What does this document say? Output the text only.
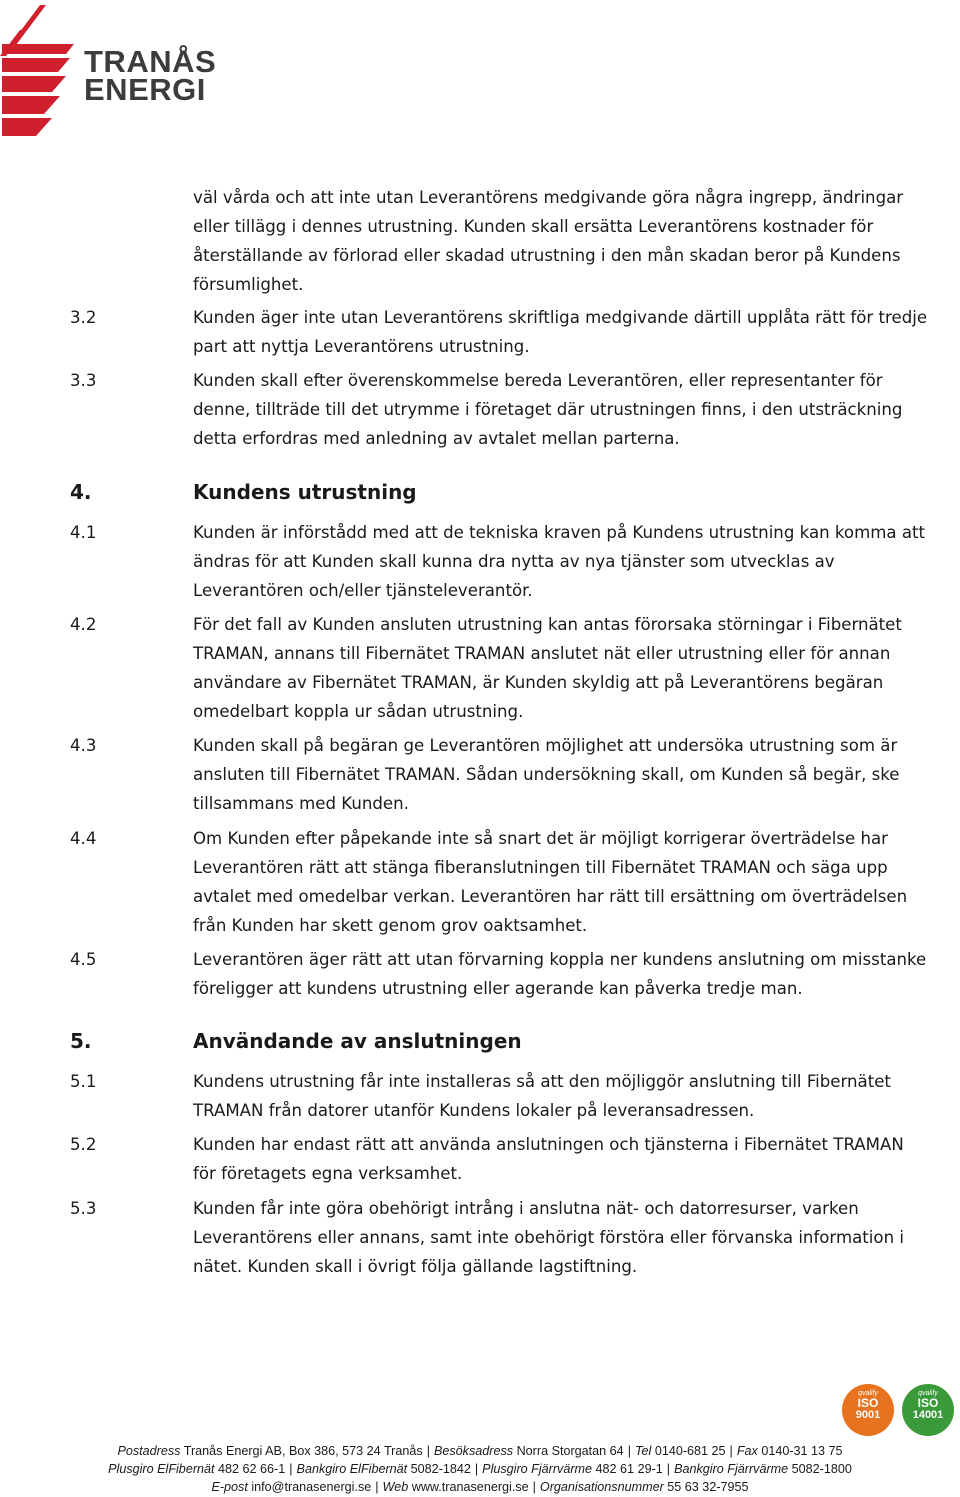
TRANÅS
ENERGI
väl vårda och att inte utan Leverantörens medgivande göra några ingrepp, ändringar eller tillägg i dennes utrustning. Kunden skall ersätta Leverantörens kostnader för återställande av förlorad eller skadad utrustning i den mån skadan beror på Kundens försumlighet.
3.2	Kunden äger inte utan Leverantörens skriftliga medgivande därtill upplåta rätt för tredje part att nyttja Leverantörens utrustning.
3.3	Kunden skall efter överenskommelse bereda Leverantören, eller representanter för denne, tillträde till det utrymme i företaget där utrustningen finns, i den utsträckning detta erfordras med anledning av avtalet mellan parterna.
4.	Kundens utrustning
4.1	Kunden är införstådd med att de tekniska kraven på Kundens utrustning kan komma att ändras för att Kunden skall kunna dra nytta av nya tjänster som utvecklas av Leverantören och/eller tjänsteleverantör.
4.2	För det fall av Kunden ansluten utrustning kan antas förorsaka störningar i Fibernätet TRAMAN, annans till Fibernätet TRAMAN anslutet nät eller utrustning eller för annan användare av Fibernätet TRAMAN, är Kunden skyldig att på Leverantörens begäran omedelbart koppla ur sådan utrustning.
4.3	Kunden skall på begäran ge Leverantören möjlighet att undersöka utrustning som är ansluten till Fibernätet TRAMAN. Sådan undersökning skall, om Kunden så begär, ske tillsammans med Kunden.
4.4	Om Kunden efter påpekande inte så snart det är möjligt korrigerar överträdelse har Leverantören rätt att stänga fiberanslutningen till Fibernätet TRAMAN och säga upp avtalet med omedelbar verkan. Leverantören har rätt till ersättning om överträdelsen från Kunden har skett genom grov oaktsamhet.
4.5	Leverantören äger rätt att utan förvarning koppla ner kundens anslutning om misstanke föreligger att kundens utrustning eller agerande kan påverka tredje man.
5.	Användande av anslutningen
5.1	Kundens utrustning får inte installeras så att den möjliggör anslutning till Fibernätet TRAMAN från datorer utanför Kundens lokaler på leveransadressen.
5.2	Kunden har endast rätt att använda anslutningen och tjänsterna i Fibernätet TRAMAN för företagets egna verksamhet.
5.3	Kunden får inte göra obehörigt intrång i anslutna nät- och datorresurser, varken Leverantörens eller annans, samt inte obehörigt förstöra eller förvanska information i nätet. Kunden skall i övrigt följa gällande lagstiftning.
qvalify
ISO
9001
qvalify
ISO
14001
Postadress Tranås Energi AB, Box 386, 573 24 Tranås | Besöksadress Norra Storgatan 64 | Tel 0140-681 25 | Fax 0140-31 13 75
Plusgiro ElFibernät 482 62 66-1 | Bankgiro ElFibernät 5082-1842 | Plusgiro Fjärrvärme 482 61 29-1 | Bankgiro Fjärrvärme 5082-1800
E-post info@tranasenergi.se | Web www.tranasenergi.se | Organisationsnummer 55 63 32-7955
